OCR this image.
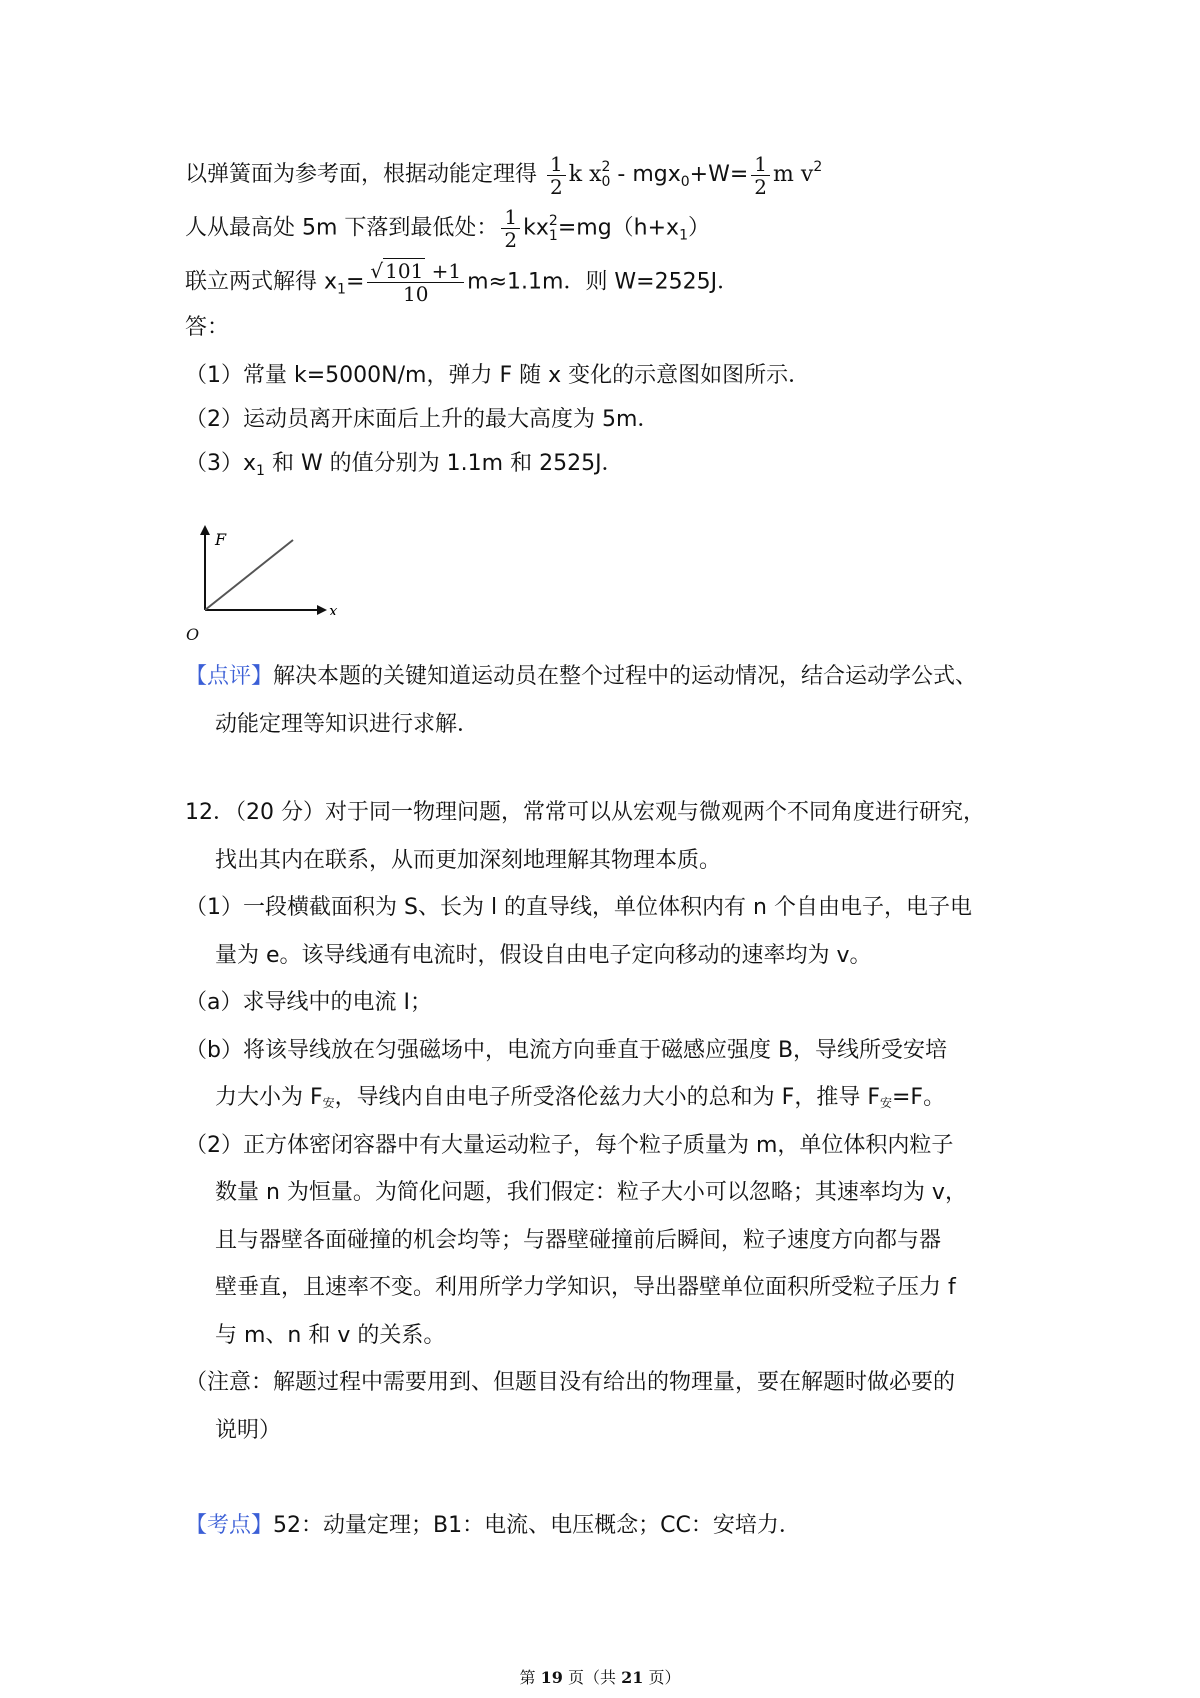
以弹簧面为参考面，根据动能定理得 $\frac{1}{2}$ k x 2
$0 - mgx_0+W= \frac{1}{2}$ m $v^2$
人从最高处 5m 下落到最低处： $\frac{1}{2}$ kx 2
$1 =mg(h+x_1)$
联立两式解得 $x_1= \frac{√ 101 +1}{10} m\approx 1.1m$．则 W=2525J．
答：
（1）常量 k=5000N/m，弹力 F 随 x 变化的示意图如图所示．
（2）运动员离开床面后上升的最大高度为 5m．
$(3)x_1$ 和 W 的值分别为 1.1m 和 2525J．
F
x
O
【点评】解决本题的关键知道运动员在整个过程中的运动情况，结合运动学公式、
动能定理等知识进行求解．
12．（20 分）对于同一物理问题，常常可以从宏观与微观两个不同角度进行研究，
找出其内在联系，从而更加深刻地理解其物理本质。
（1）一段横截面积为 S、长为 l 的直导线，单位体积内有 n 个自由电子，电子电
量为 e。该导线通有电流时，假设自由电子定向移动的速率均为 v。
（a）求导线中的电流 I；
（b）将该导线放在匀强磁场中，电流方向垂直于磁感应强度 B，导线所受安培
力大小为 F安，导线内自由电子所受洛伦兹力大小的总和为 F，推导 F安=F。
（2）正方体密闭容器中有大量运动粒子，每个粒子质量为 m，单位体积内粒子
数量 n 为恒量。为简化问题，我们假定：粒子大小可以忽略；其速率均为 v，
且与器壁各面碰撞的机会均等；与器壁碰撞前后瞬间，粒子速度方向都与器
壁垂直，且速率不变。利用所学力学知识，导出器壁单位面积所受粒子压力 f
与 m、n 和 v 的关系。
（注意：解题过程中需要用到、但题目没有给出的物理量，要在解题时做必要的
说明）
【考点】52：动量定理；B1：电流、电压概念；CC：安培力．
第 19 页（共 21 页）
